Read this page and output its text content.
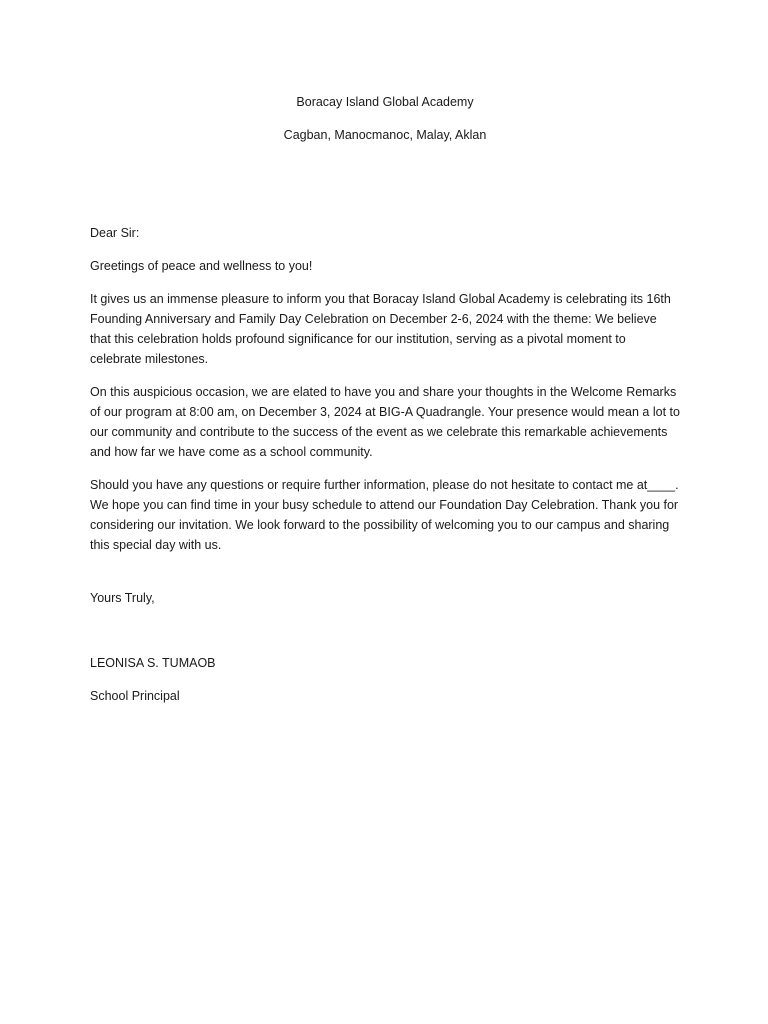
Boracay Island Global Academy

Cagban, Manocmanoc, Malay, Aklan

Dear Sir:

Greetings of peace and wellness to you!

It gives us an immense pleasure to inform you that Boracay Island Global Academy is celebrating its 16th Founding Anniversary and Family Day Celebration on December 2-6, 2024 with the theme: We believe that this celebration holds profound significance for our institution, serving as a pivotal moment to celebrate milestones.

On this auspicious occasion, we are elated to have you and share your thoughts in the Welcome Remarks of our program at 8:00 am, on December 3, 2024 at BIG-A Quadrangle. Your presence would mean a lot to our community and contribute to the success of the event as we celebrate this remarkable achievements and how far we have come as a school community.

Should you have any questions or require further information, please do not hesitate to contact me at____. We hope you can find time in your busy schedule to attend our Foundation Day Celebration. Thank you for considering our invitation. We look forward to the possibility of welcoming you to our campus and sharing this special day with us.

Yours Truly,

LEONISA S. TUMAOB

School Principal
